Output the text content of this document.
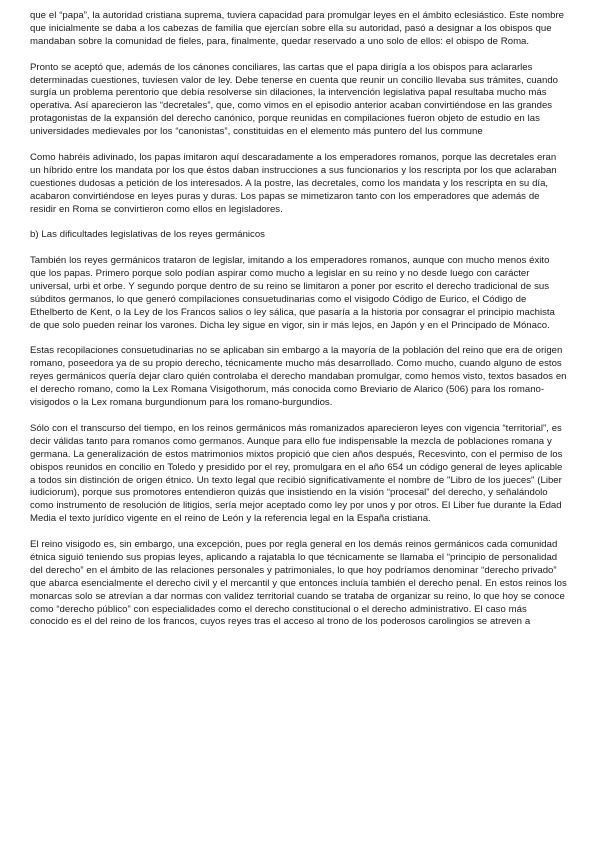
que el “papa”, la autoridad cristiana suprema, tuviera capacidad para promulgar leyes en el ámbito eclesiástico. Este nombre que inicialmente se daba a los cabezas de familia que ejercían sobre ella su autoridad, pasó a designar a los obispos que mandaban sobre la comunidad de fieles, para, finalmente, quedar reservado a uno solo de ellos: el obispo de Roma.

Pronto se aceptó que, además de los cánones conciliares, las cartas que el papa dirigía a los obispos para aclararles determinadas cuestiones, tuviesen valor de ley. Debe tenerse en cuenta que reunir un concilio llevaba sus trámites, cuando surgía un problema perentorio que debía resolverse sin dilaciones, la intervención legislativa papal resultaba mucho más operativa. Así aparecieron las “decretales”, que, como vimos en el episodio anterior acaban convirtiéndose en las grandes protagonistas de la expansión del derecho canónico, porque reunidas en compilaciones fueron objeto de estudio en las universidades medievales por los “canonistas”, constituidas en el elemento más puntero del Ius commune

Como habréis adivinado, los papas imitaron aquí descaradamente a los emperadores romanos, porque las decretales eran un híbrido entre los mandata por los que éstos daban instrucciones a sus funcionarios y los rescripta por los que aclaraban cuestiones dudosas a petición de los interesados. A la postre, las decretales, como los mandata y los rescripta en su día, acabaron convirtiéndose en leyes puras y duras. Los papas se mimetizaron tanto con los emperadores que además de residir en Roma se convirtieron como ellos en legisladores.

b) Las dificultades legislativas de los reyes germánicos

También los reyes germánicos trataron de legislar, imitando a los emperadores romanos, aunque con mucho menos éxito que los papas. Primero porque solo podían aspirar como mucho a legislar en su reino y no desde luego con carácter universal, urbi et orbe. Y segundo porque dentro de su reino se limitaron a poner por escrito el derecho tradicional de sus súbditos germanos, lo que generó compilaciones consuetudinarias como el visigodo Código de Eurico, el Código de Ethelberto de Kent, o la Ley de los Francos salios o ley sálica, que pasaría a la historia por consagrar el principio machista de que solo pueden reinar los varones. Dicha ley sigue en vigor, sin ir más lejos, en Japón y en el Principado de Mónaco.

Estas recopilaciones consuetudinarias no se aplicaban sin embargo a la mayoría de la población del reino que era de origen romano, poseedora ya de su propio derecho, técnicamente mucho más desarrollado. Como mucho, cuando alguno de estos reyes germánicos quería dejar claro quién controlaba el derecho mandaban promulgar, como hemos visto, textos basados en el derecho romano, como la Lex Romana Visigothorum, más conocida como Breviario de Alarico (506) para los romano-visigodos o la Lex romana burgundionum para los romano-burgundios.

Sólo con el transcurso del tiempo, en los reinos germánicos más romanizados aparecieron leyes con vigencia “territorial”, es decir válidas tanto para romanos como germanos. Aunque para ello fue indispensable la mezcla de poblaciones romana y germana. La generalización de estos matrimonios mixtos propició que cien años después, Recesvinto, con el permiso de los obispos reunidos en concilio en Toledo y presidido por el rey, promulgara en el año 654 un código general de leyes aplicable a todos sin distinción de origen étnico. Un texto legal que recibió significativamente el nombre de "Libro de los jueces" (Liber iudiciorum), porque sus promotores entendieron quizás que insistiendo en la visión “procesal” del derecho, y señalándolo como instrumento de resolución de litigios, sería mejor aceptado como ley por unos y por otros. El Liber fue durante la Edad Media el texto jurídico vigente en el reino de León y la referencia legal en la España cristiana.

El reino visigodo es, sin embargo, una excepción, pues por regla general en los demás reinos germánicos cada comunidad étnica siguió teniendo sus propias leyes, aplicando a rajatabla lo que técnicamente se llamaba el “principio de personalidad del derecho” en el ámbito de las relaciones personales y patrimoniales, lo que hoy podríamos denominar “derecho privado” que abarca esencialmente el derecho civil y el mercantil y que entonces incluía también el derecho penal. En estos reinos los monarcas solo se atrevían a dar normas con validez territorial cuando se trataba de organizar su reino, lo que hoy se conoce como “derecho público” con especialidades como el derecho constitucional o el derecho administrativo. El caso más conocido es el del reino de los francos, cuyos reyes tras el acceso al trono de los poderosos carolingios se atreven a
